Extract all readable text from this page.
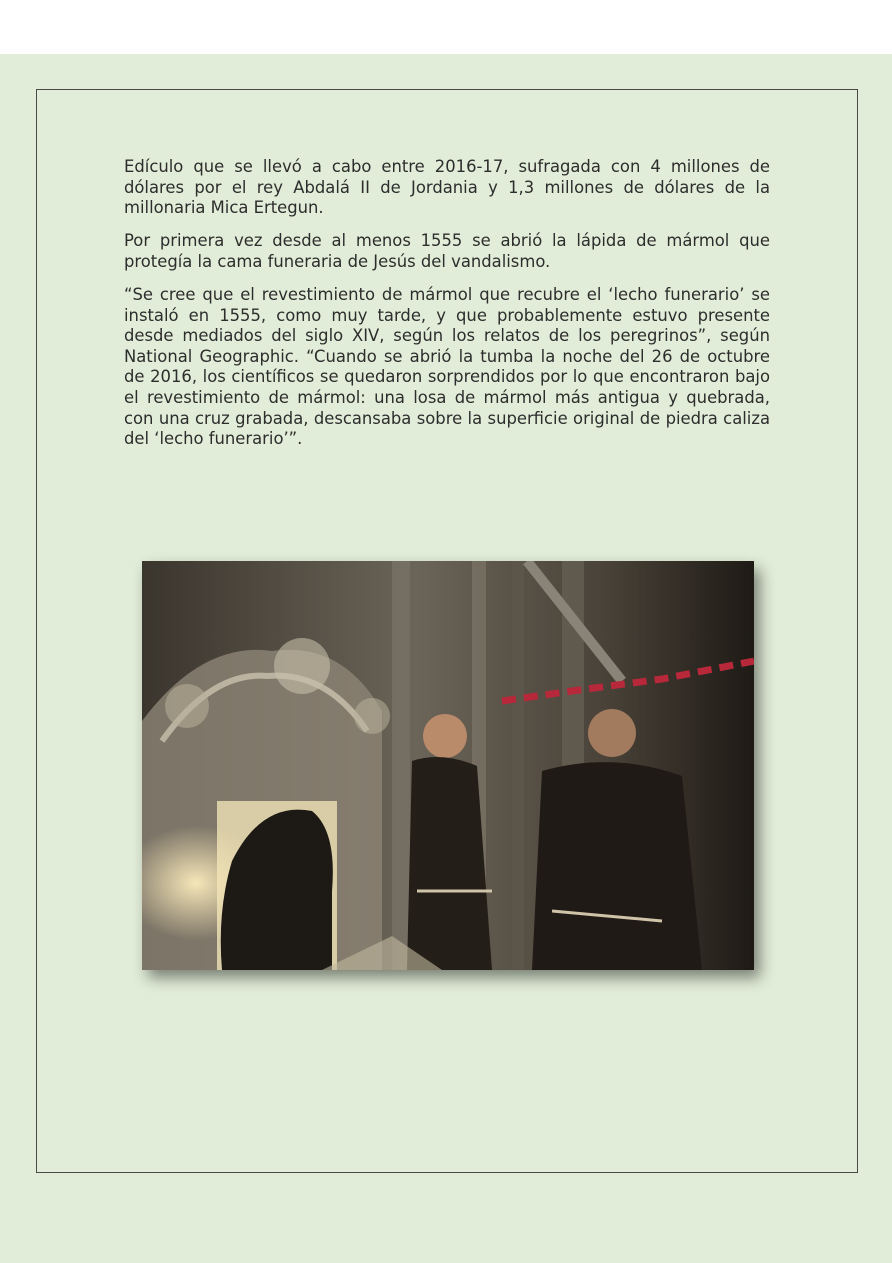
Edículo que se llevó a cabo entre 2016-17, sufragada con 4 millones de dólares por el rey Abdalá II de Jordania y 1,3 millones de dólares de la millonaria Mica Ertegun.

Por primera vez desde al menos 1555 se abrió la lápida de mármol que protegía la cama funeraria de Jesús del vandalismo.

“Se cree que el revestimiento de mármol que recubre el ‘lecho funerario’ se instaló en 1555, como muy tarde, y que probablemente estuvo presente desde mediados del siglo XIV, según los relatos de los peregrinos”, según National Geographic. “Cuando se abrió la tumba la noche del 26 de octubre de 2016, los científicos se quedaron sorprendidos por lo que encontraron bajo el revestimiento de mármol: una losa de mármol más antigua y quebrada, con una cruz grabada, descansaba sobre la superficie original de piedra caliza del ‘lecho funerario’”.
